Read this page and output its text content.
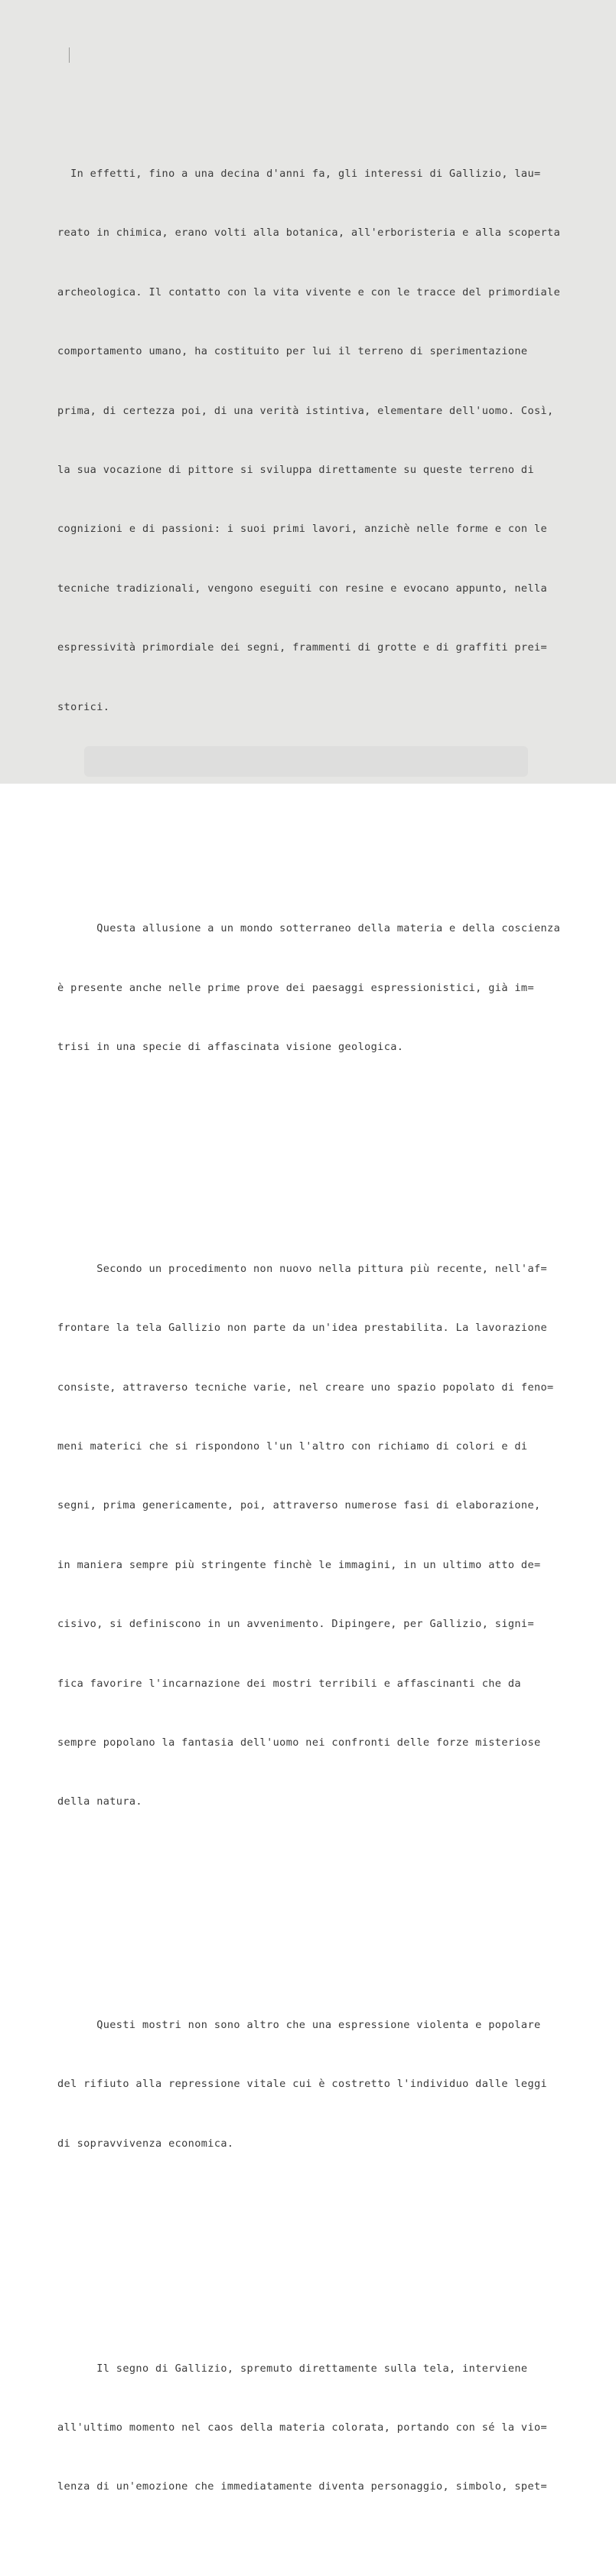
In effetti, fino a una decina d'anni fa, gli interessi di Gallizio, lau=

reato in chimica, erano volti alla botanica, all'erboristeria e alla scoperta

archeologica. Il contatto con la vita vivente e con le tracce del primordiale

comportamento umano, ha costituito per lui il terreno di sperimentazione

prima, di certezza poi, di una verità istintiva, elementare dell'uomo. Così,

la sua vocazione di pittore si sviluppa direttamente su queste terreno di

cognizioni e di passioni: i suoi primi lavori, anzichè nelle forme e con le

tecniche tradizionali, vengono eseguiti con resine e evocano appunto, nella

espressività primordiale dei segni, frammenti di grotte e di graffiti prei=

storici.

Questa allusione a un mondo sotterraneo della materia e della coscienza

è presente anche nelle prime prove dei paesaggi espressionistici, già im=

trisi in una specie di affascinata visione geologica.

Secondo un procedimento non nuovo nella pittura più recente, nell'af=

frontare la tela Gallizio non parte da un'idea prestabilita. La lavorazione

consiste, attraverso tecniche varie, nel creare uno spazio popolato di feno=

meni materici che si rispondono l'un l'altro con richiamo di colori e di

segni, prima genericamente, poi, attraverso numerose fasi di elaborazione,

in maniera sempre più stringente finchè le immagini, in un ultimo atto de=

cisivo, si definiscono in un avvenimento. Dipingere, per Gallizio, signi=

fica favorire l'incarnazione dei mostri terribili e affascinanti che da

sempre popolano la fantasia dell'uomo nei confronti delle forze misteriose

della natura.

Questi mostri non sono altro che una espressione violenta e popolare

del rifiuto alla repressione vitale cui è costretto l'individuo dalle leggi

di sopravvivenza economica.

Il segno di Gallizio, spremuto direttamente sulla tela, interviene

all'ultimo momento nel caos della materia colorata, portando con sé la vio=

lenza di un'emozione che immediatamente diventa personaggio, simbolo, spet=
